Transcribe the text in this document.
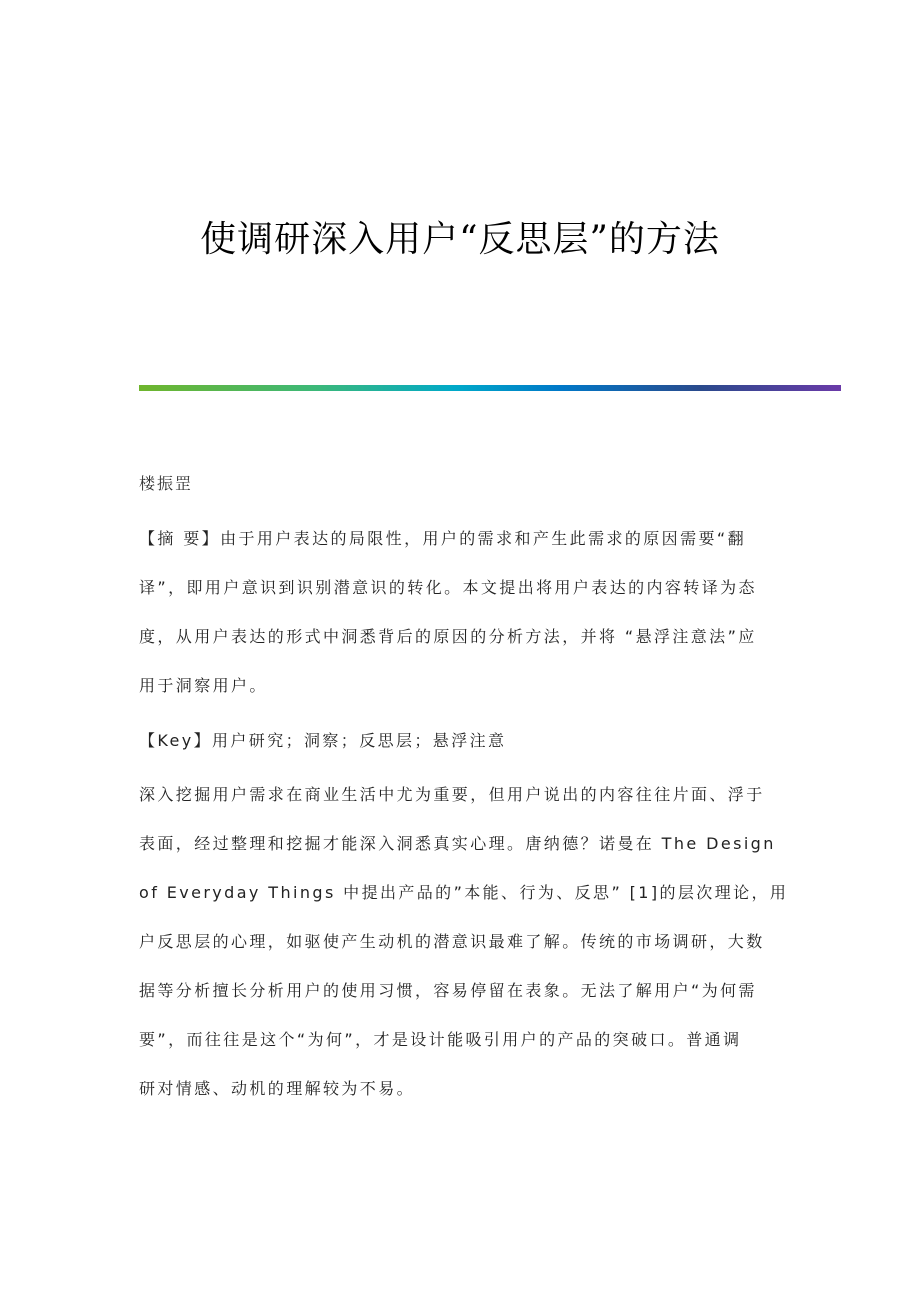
使调研深入用户“反思层”的方法
楼振罡
【摘 要】由于用户表达的局限性，用户的需求和产生此需求的原因需要“翻
译”，即用户意识到识别潜意识的转化。本文提出将用户表达的内容转译为态
度，从用户表达的形式中洞悉背后的原因的分析方法，并将 “悬浮注意法”应
用于洞察用户。
【Key】用户研究；洞察；反思层；悬浮注意
深入挖掘用户需求在商业生活中尤为重要，但用户说出的内容往往片面、浮于
表面，经过整理和挖掘才能深入洞悉真实心理。唐纳德？诺曼在 The Design
of Everyday Things 中提出产品的”本能、行为、反思” [1]的层次理论，用
户反思层的心理，如驱使产生动机的潜意识最难了解。传统的市场调研，大数
据等分析擅长分析用户的使用习惯，容易停留在表象。无法了解用户“为何需
要”，而往往是这个“为何”，才是设计能吸引用户的产品的突破口。普通调
研对情感、动机的理解较为不易。
